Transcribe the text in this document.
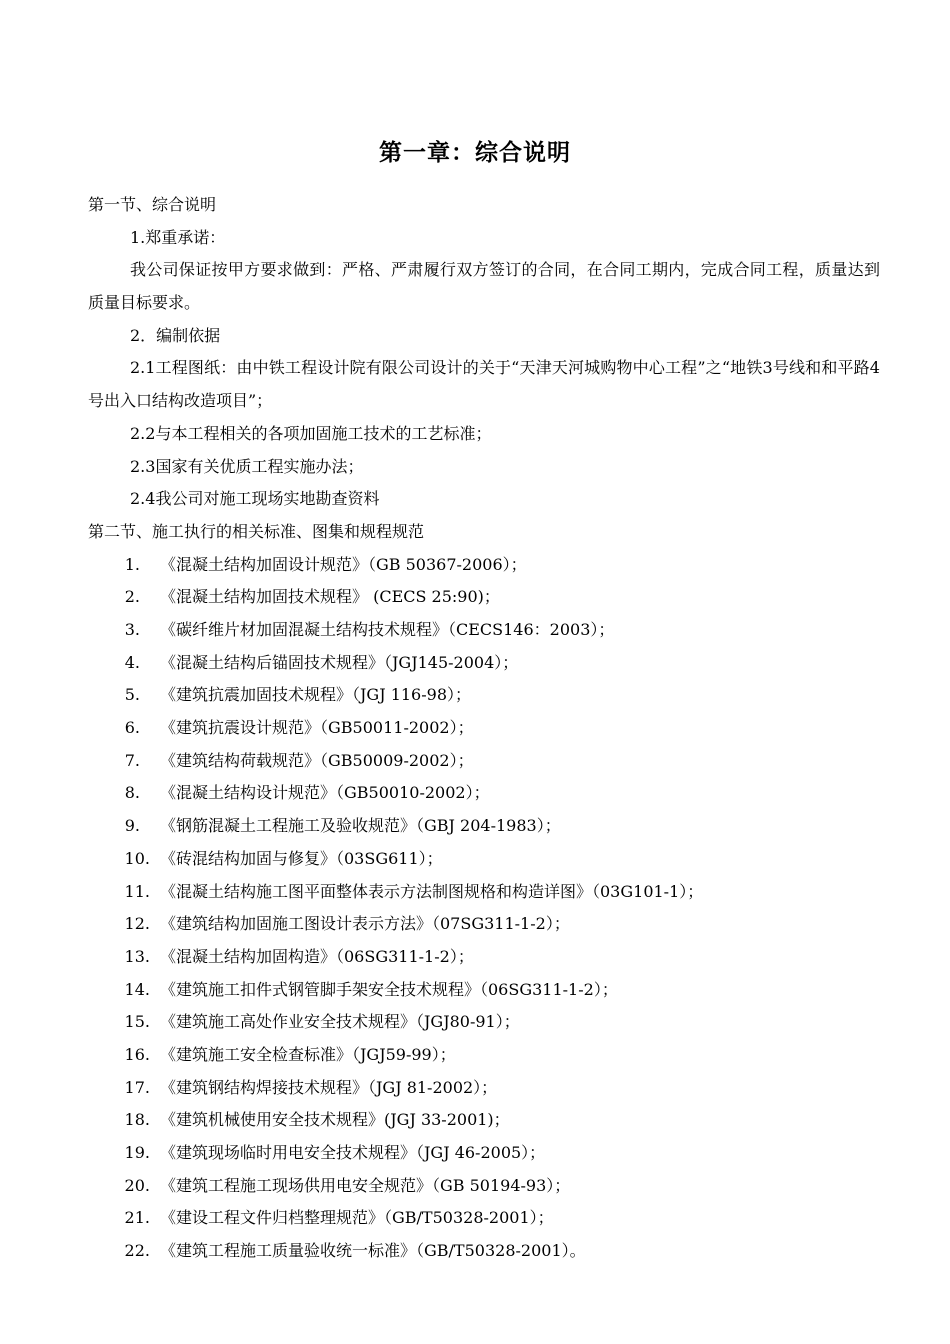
第一章：综合说明
第一节、综合说明
1.郑重承诺：
我公司保证按甲方要求做到：严格、严肃履行双方签订的合同，在合同工期内，完成合同工程，质量达到质量目标要求。
2．编制依据
2.1工程图纸：由中铁工程设计院有限公司设计的关于“天津天河城购物中心工程”之“地铁3号线和和平路4号出入口结构改造项目”；
2.2与本工程相关的各项加固施工技术的工艺标准；
2.3国家有关优质工程实施办法；
2.4我公司对施工现场实地勘查资料
第二节、施工执行的相关标准、图集和规程规范
1. 《混凝土结构加固设计规范》（GB 50367-2006）；
2. 《混凝土结构加固技术规程》 (CECS 25:90)；
3. 《碳纤维片材加固混凝土结构技术规程》（CECS146：2003）；
4. 《混凝土结构后锚固技术规程》（JGJ145-2004）；
5. 《建筑抗震加固技术规程》（JGJ 116-98）；
6. 《建筑抗震设计规范》（GB50011-2002）；
7. 《建筑结构荷载规范》（GB50009-2002）；
8. 《混凝土结构设计规范》（GB50010-2002）；
9. 《钢筋混凝土工程施工及验收规范》（GBJ 204-1983）；
10. 《砖混结构加固与修复》（03SG611）；
11. 《混凝土结构施工图平面整体表示方法制图规格和构造详图》（03G101-1）；
12. 《建筑结构加固施工图设计表示方法》（07SG311-1-2）；
13. 《混凝土结构加固构造》（06SG311-1-2）；
14. 《建筑施工扣件式钢管脚手架安全技术规程》（06SG311-1-2）；
15. 《建筑施工高处作业安全技术规程》（JGJ80-91）；
16. 《建筑施工安全检查标准》（JGJ59-99）；
17. 《建筑钢结构焊接技术规程》（JGJ 81-2002）；
18. 《建筑机械使用安全技术规程》(JGJ 33-2001)；
19. 《建筑现场临时用电安全技术规程》（JGJ 46-2005）；
20. 《建筑工程施工现场供用电安全规范》（GB 50194-93）；
21. 《建设工程文件归档整理规范》（GB/T50328-2001）；
22. 《建筑工程施工质量验收统一标准》（GB/T50328-2001）。
